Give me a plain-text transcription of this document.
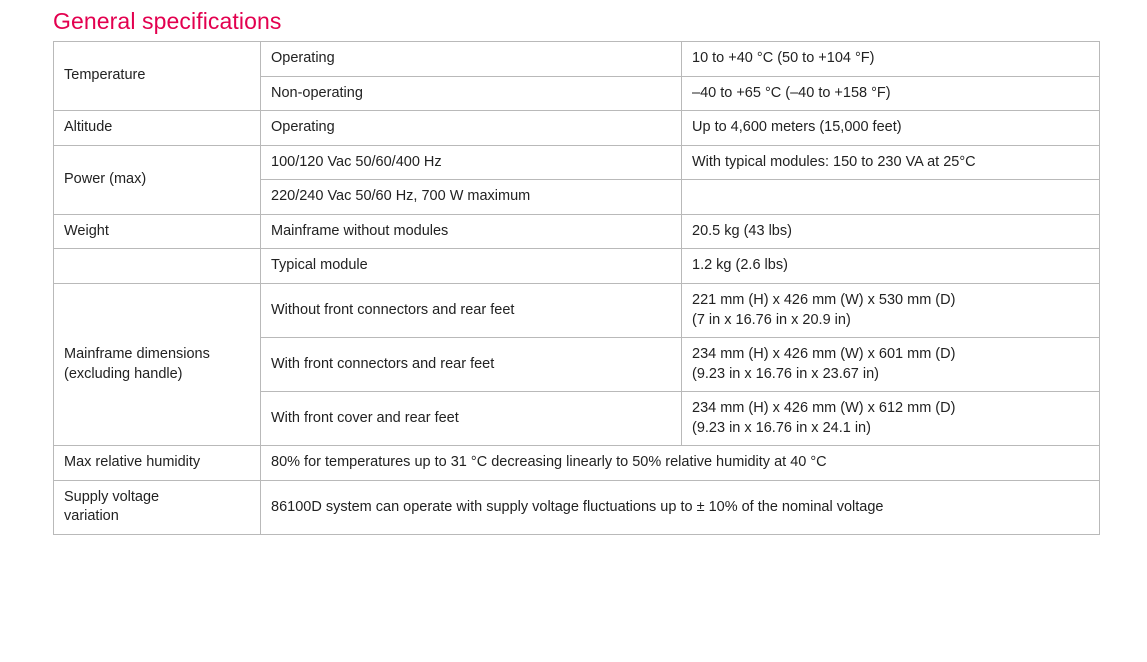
General specifications
Temperature	Operating	10 to +40 °C (50 to +104 °F)
	Non-operating	–40 to +65 °C (–40 to +158 °F)
Altitude	Operating	Up to 4,600 meters (15,000 feet)
Power (max)	100/120 Vac 50/60/400 Hz	With typical modules: 150 to 230 VA at 25°C
	220/240 Vac 50/60 Hz, 700 W maximum	
Weight	Mainframe without modules	20.5 kg (43 lbs)
	Typical module	1.2 kg (2.6 lbs)

Mainframe dimensions
(excluding handle)	Without front connectors and rear feet	221 mm (H) x 426 mm (W) x 530 mm (D)
(7 in x 16.76 in x 20.9 in)

	With front connectors and rear feet	234 mm (H) x 426 mm (W) x 601 mm (D)
(9.23 in x 16.76 in x 23.67 in)

	With front cover and rear feet	234 mm (H) x 426 mm (W) x 612 mm (D)
(9.23 in x 16.76 in x 24.1 in)

Max relative humidity	80% for temperatures up to 31 °C decreasing linearly to 50% relative humidity at 40 °C	

Supply voltage
variation	86100D system can operate with supply voltage fluctuations up to ± 10% of the nominal voltage	
